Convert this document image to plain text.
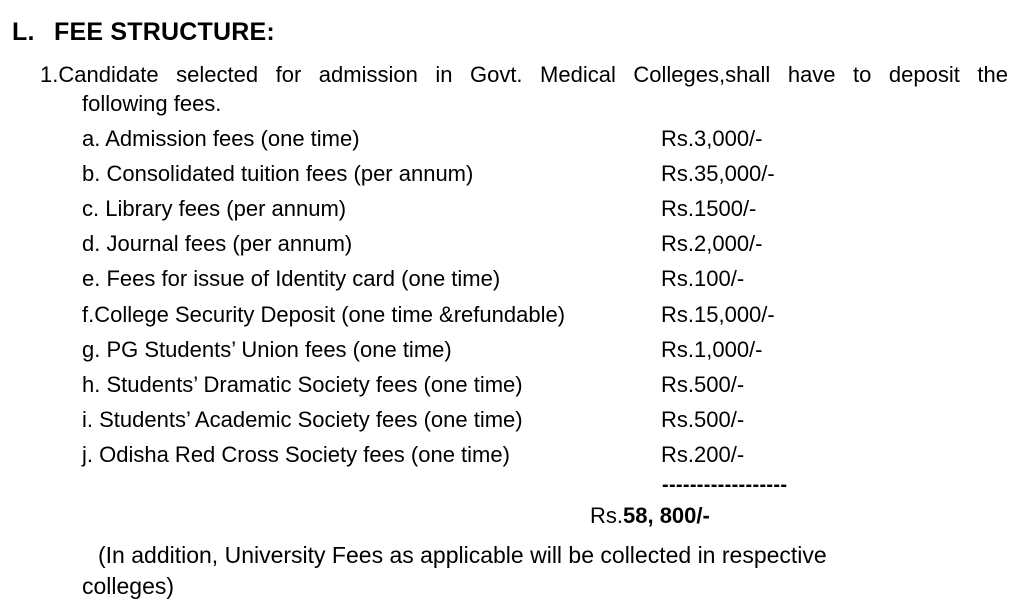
L. FEE STRUCTURE:
1.Candidate selected for admission in Govt. Medical Colleges,shall have to deposit the
following fees.
a. Admission fees (one time)	Rs.3,000/-
b. Consolidated tuition fees (per annum)	Rs.35,000/-
c. Library fees (per annum)	Rs.1500/-
d. Journal fees (per annum)	Rs.2,000/-
e. Fees for issue of Identity card (one time)	Rs.100/-
f.College Security Deposit (one time &refundable)	Rs.15,000/-
g. PG Students’ Union fees (one time)	Rs.1,000/-
h. Students’ Dramatic Society fees (one time)	Rs.500/-
i. Students’ Academic Society fees (one time)	Rs.500/-
j. Odisha Red Cross Society fees (one time)	Rs.200/-
------------------
Rs.58, 800/-
(In addition, University Fees as applicable will be collected in respective
colleges)
